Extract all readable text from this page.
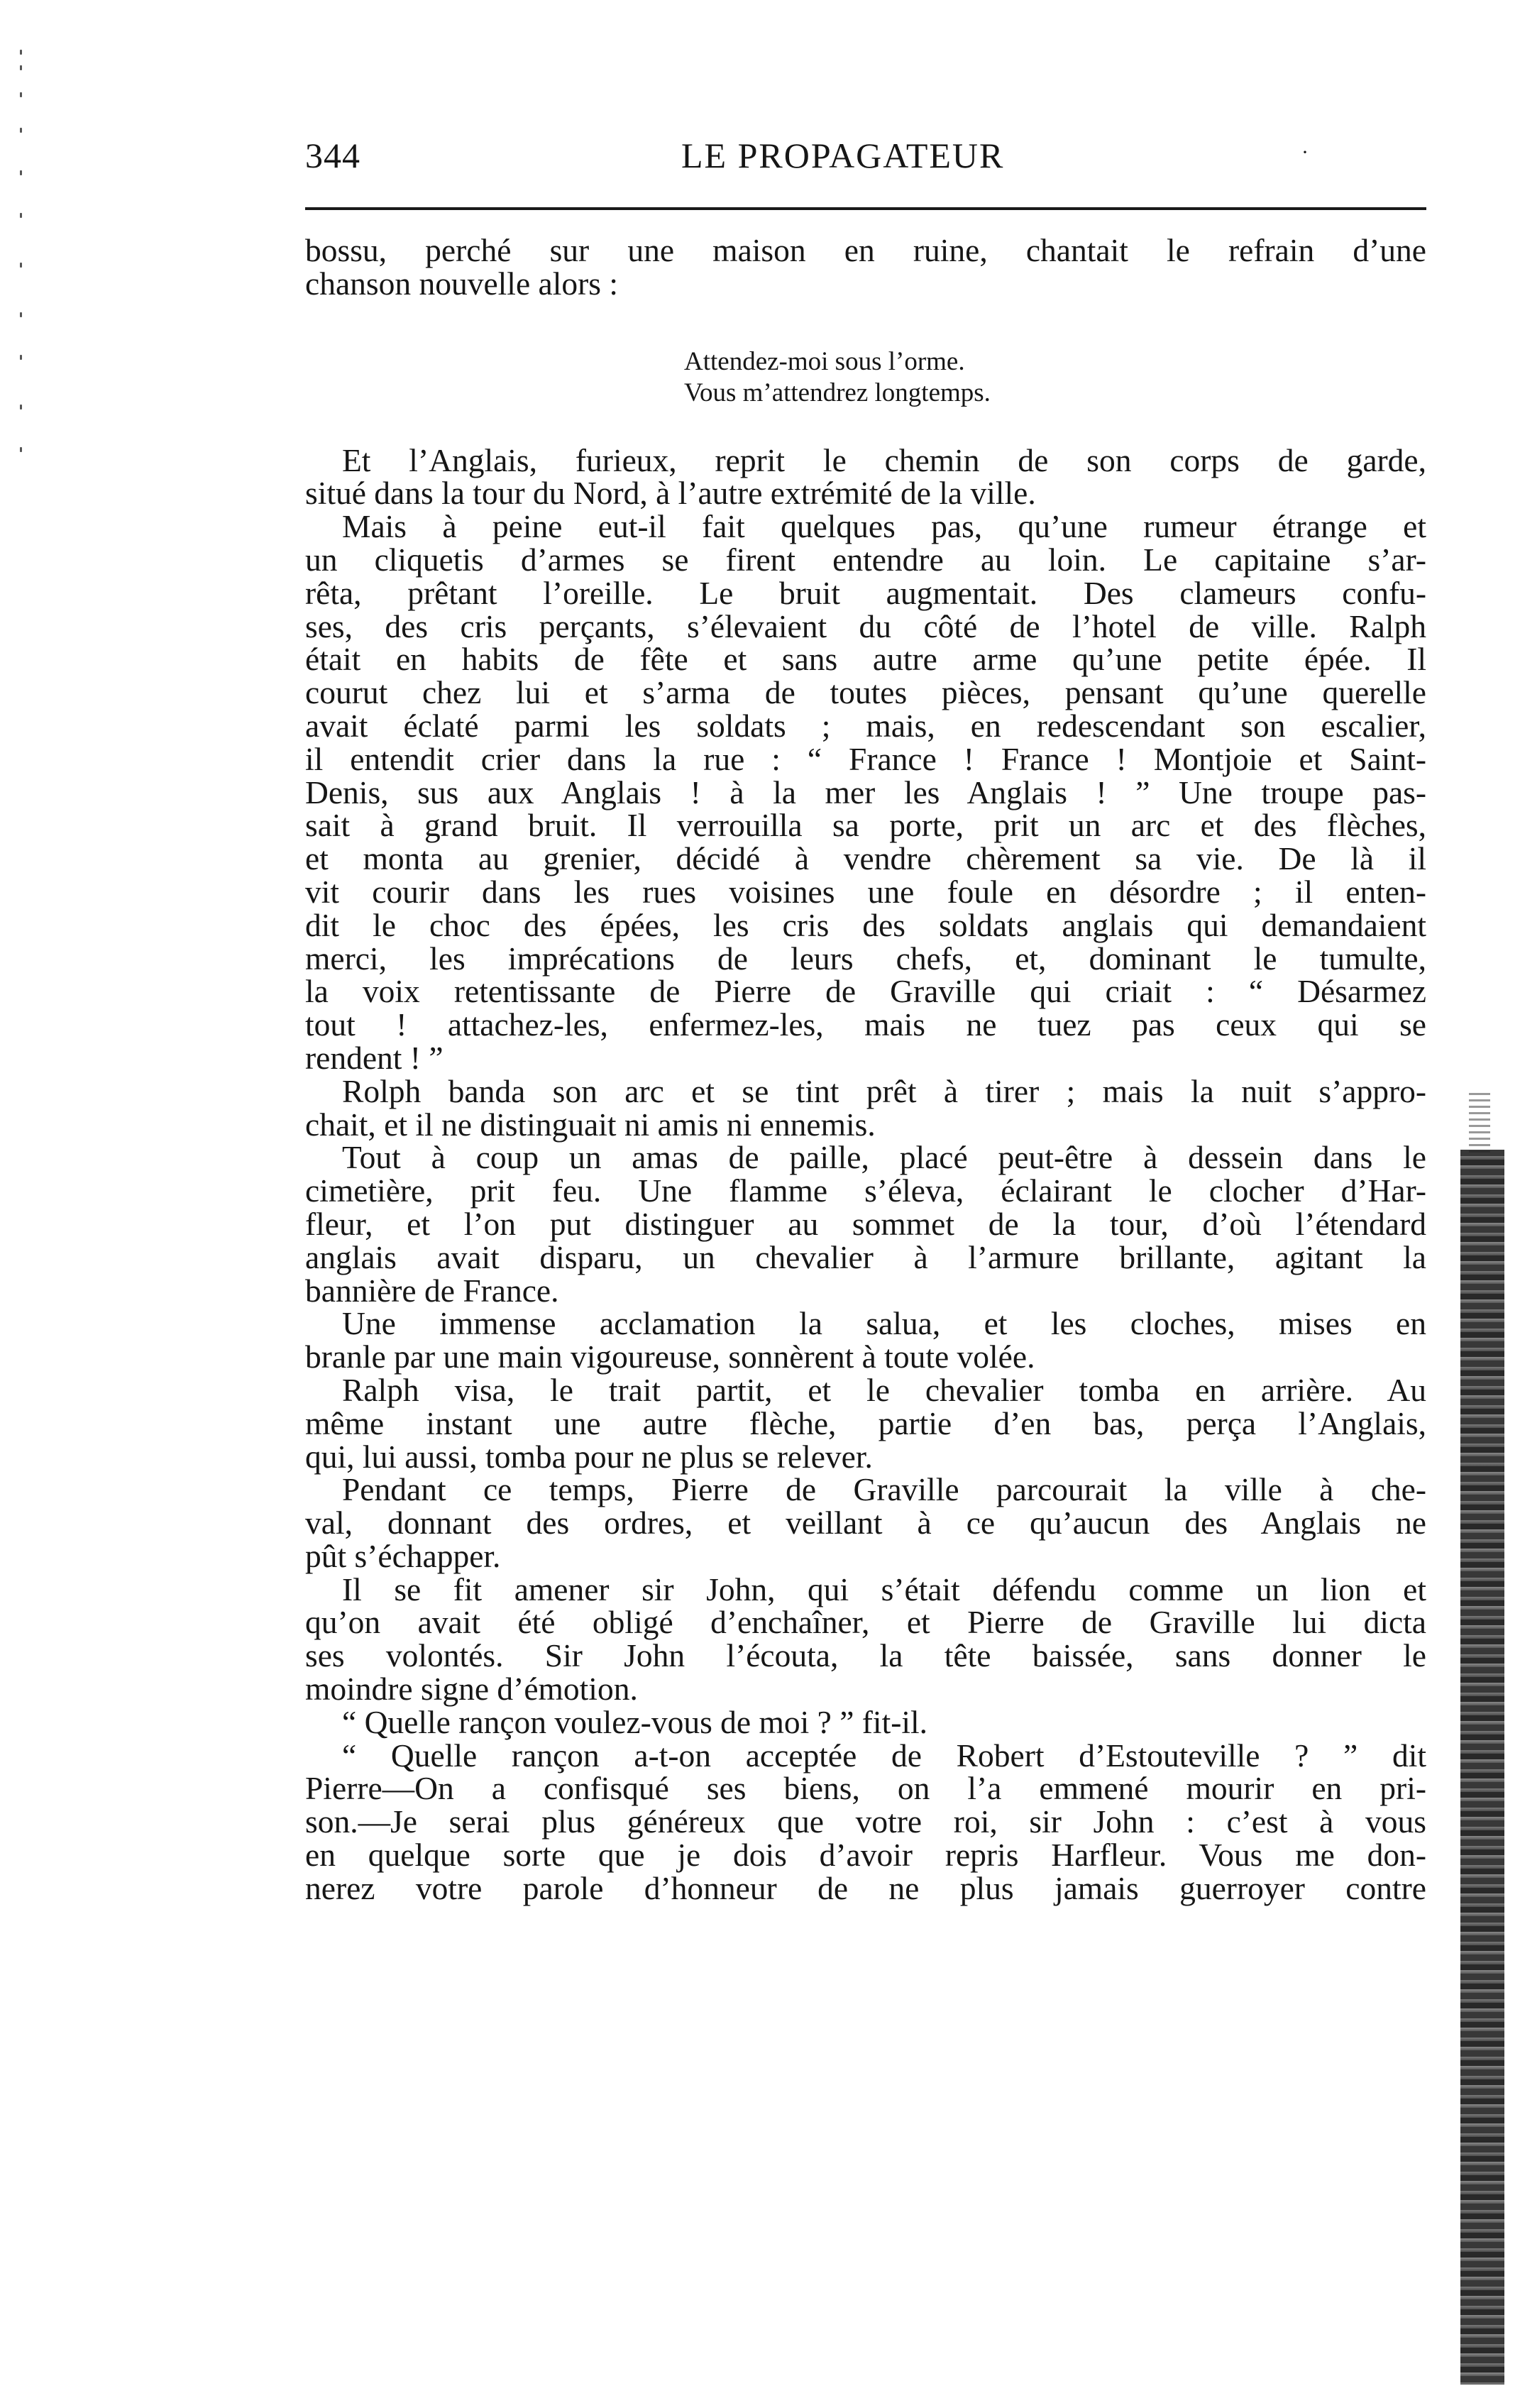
344	LE PROPAGATEUR	·
bossu, perché sur une maison en ruine, chantait le refrain d’une
chanson nouvelle alors :
Attendez-moi sous l’orme.
Vous m’attendrez longtemps.
Et l’Anglais, furieux, reprit le chemin de son corps de garde,
situé dans la tour du Nord, à l’autre extrémité de la ville.
Mais à peine eut-il fait quelques pas, qu’une rumeur étrange et
un cliquetis d’armes se firent entendre au loin. Le capitaine s’ar-
rêta, prêtant l’oreille. Le bruit augmentait. Des clameurs confu-
ses, des cris perçants, s’élevaient du côté de l’hotel de ville. Ralph
était en habits de fête et sans autre arme qu’une petite épée. Il
courut chez lui et s’arma de toutes pièces, pensant qu’une querelle
avait éclaté parmi les soldats ; mais, en redescendant son escalier,
il entendit crier dans la rue : “ France ! France ! Montjoie et Saint-
Denis, sus aux Anglais ! à la mer les Anglais ! ” Une troupe pas-
sait à grand bruit. Il verrouilla sa porte, prit un arc et des flèches,
et monta au grenier, décidé à vendre chèrement sa vie. De là il
vit courir dans les rues voisines une foule en désordre ; il enten-
dit le choc des épées, les cris des soldats anglais qui demandaient
merci, les imprécations de leurs chefs, et, dominant le tumulte,
la voix retentissante de Pierre de Graville qui criait : “ Désarmez
tout ! attachez-les, enfermez-les, mais ne tuez pas ceux qui se
rendent ! ”
Rolph banda son arc et se tint prêt à tirer ; mais la nuit s’appro-
chait, et il ne distinguait ni amis ni ennemis.
Tout à coup un amas de paille, placé peut-être à dessein dans le
cimetière, prit feu. Une flamme s’éleva, éclairant le clocher d’Har-
fleur, et l’on put distinguer au sommet de la tour, d’où l’étendard
anglais avait disparu, un chevalier à l’armure brillante, agitant la
bannière de France.
Une immense acclamation la salua, et les cloches, mises en
branle par une main vigoureuse, sonnèrent à toute volée.
Ralph visa, le trait partit, et le chevalier tomba en arrière. Au
même instant une autre flèche, partie d’en bas, perça l’Anglais,
qui, lui aussi, tomba pour ne plus se relever.
Pendant ce temps, Pierre de Graville parcourait la ville à che-
val, donnant des ordres, et veillant à ce qu’aucun des Anglais ne
pût s’échapper.
Il se fit amener sir John, qui s’était défendu comme un lion et
qu’on avait été obligé d’enchaîner, et Pierre de Graville lui dicta
ses volontés. Sir John l’écouta, la tête baissée, sans donner le
moindre signe d’émotion.
“ Quelle rançon voulez-vous de moi ? ” fit-il.
“ Quelle rançon a-t-on acceptée de Robert d’Estouteville ? ” dit
Pierre—On a confisqué ses biens, on l’a emmené mourir en pri-
son.—Je serai plus généreux que votre roi, sir John : c’est à vous
en quelque sorte que je dois d’avoir repris Harfleur. Vous me don-
nerez votre parole d’honneur de ne plus jamais guerroyer contre
